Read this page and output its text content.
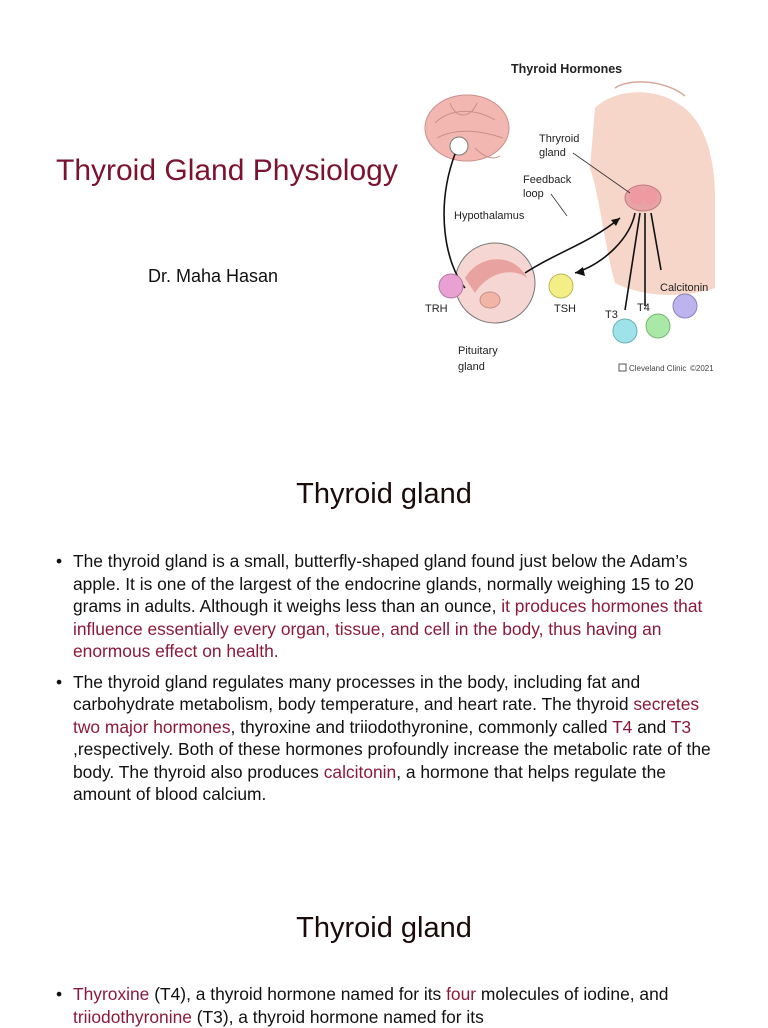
Thyroid Gland Physiology
Dr. Maha Hasan
Thyroid Hormones
Thryroid
gland
Feedback
loop
Hypothalamus
TRH	TSH
Pituitary
gland
Calcitonin
T3
T4
Cleveland Clinic ©2021
Thyroid gland
• The thyroid gland is a small, butterfly-shaped gland found just below the Adam’s apple. It is one of the largest of the endocrine glands, normally weighing 15 to 20 grams in adults. Although it weighs less than an ounce, it produces hormones that influence essentially every organ, tissue, and cell in the body, thus having an enormous effect on health.
• The thyroid gland regulates many processes in the body, including fat and carbohydrate metabolism, body temperature, and heart rate. The thyroid secretes two major hormones, thyroxine and triiodothyronine, commonly called T4 and T3 ,respectively. Both of these hormones profoundly increase the metabolic rate of the body. The thyroid also produces calcitonin, a hormone that helps regulate the amount of blood calcium.
Thyroid gland
• Thyroxine (T4), a thyroid hormone named for its four molecules of iodine, and triiodothyronine (T3), a thyroid hormone named for its
